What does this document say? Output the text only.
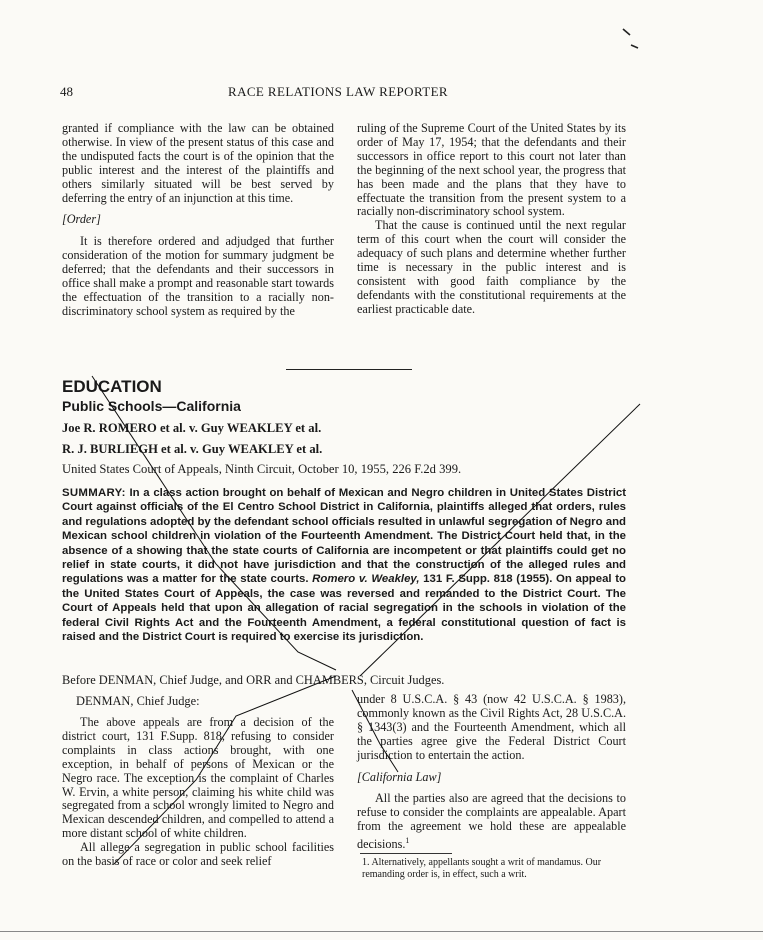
48	RACE RELATIONS LAW REPORTER

granted if compliance with the law can be obtained otherwise. In view of the present status of this case and the undisputed facts the court is of the opinion that the public interest and the interest of the plaintiffs and others similarly situated will be best served by deferring the entry of an injunction at this time.

[Order]

It is therefore ordered and adjudged that further consideration of the motion for summary judgment be deferred; that the defendants and their successors in office shall make a prompt and reasonable start towards the effectuation of the transition to a racially non-discriminatory school system as required by the

ruling of the Supreme Court of the United States by its order of May 17, 1954; that the defendants and their successors in office report to this court not later than the beginning of the next school year, the progress that has been made and the plans that they have to effectuate the transition from the present system to a racially non-discriminatory school system.

That the cause is continued until the next regular term of this court when the court will consider the adequacy of such plans and determine whether further time is necessary in the public interest and is consistent with good faith compliance by the defendants with the constitutional requirements at the earliest practicable date.

EDUCATION
Public Schools—California
Joe R. ROMERO et al. v. Guy WEAKLEY et al.
R. J. BURLIEGH et al. v. Guy WEAKLEY et al.
United States Court of Appeals, Ninth Circuit, October 10, 1955, 226 F.2d 399.
SUMMARY: In a class action brought on behalf of Mexican and Negro children in United States District Court against officials of the El Centro School District in California, plaintiffs alleged that orders, rules and regulations adopted by the defendant school officials resulted in unlawful segregation of Negro and Mexican school children in violation of the Fourteenth Amendment. The District Court held that, in the absence of a showing that the state courts of California are incompetent or that plaintiffs could get no relief in state courts, it did not have jurisdiction and that the construction of the alleged rules and regulations was a matter for the state courts. Romero v. Weakley, 131 F. Supp. 818 (1955). On appeal to the United States Court of Appeals, the case was reversed and remanded to the District Court. The Court of Appeals held that upon an allegation of racial segregation in the schools in violation of the federal Civil Rights Act and the Fourteenth Amendment, a federal constitutional question of fact is raised and the District Court is required to exercise its jurisdiction.
Before DENMAN, Chief Judge, and ORR and CHAMBERS, Circuit Judges.
DENMAN, Chief Judge:

The above appeals are from a decision of the district court, 131 F.Supp. 818, refusing to consider complaints in class actions brought, with one exception, in behalf of persons of Mexican or the Negro race. The exception is the complaint of Charles W. Ervin, a white person, claiming his white child was segregated from a school wrongly limited to Negro and Mexican descended children, and compelled to attend a more distant school of white children.

All allege a segregation in public school facilities on the basis of race or color and seek relief

under 8 U.S.C.A. § 43 (now 42 U.S.C.A. § 1983), commonly known as the Civil Rights Act, 28 U.S.C.A. § 1343(3) and the Fourteenth Amendment, which all the parties agree give the Federal District Court jurisdiction to entertain the action.

[California Law]

All the parties also are agreed that the decisions to refuse to consider the complaints are appealable. Apart from the agreement we hold these are appealable decisions.$^1$

1. Alternatively, appellants sought a writ of mandamus. Our remanding order is, in effect, such a writ.
